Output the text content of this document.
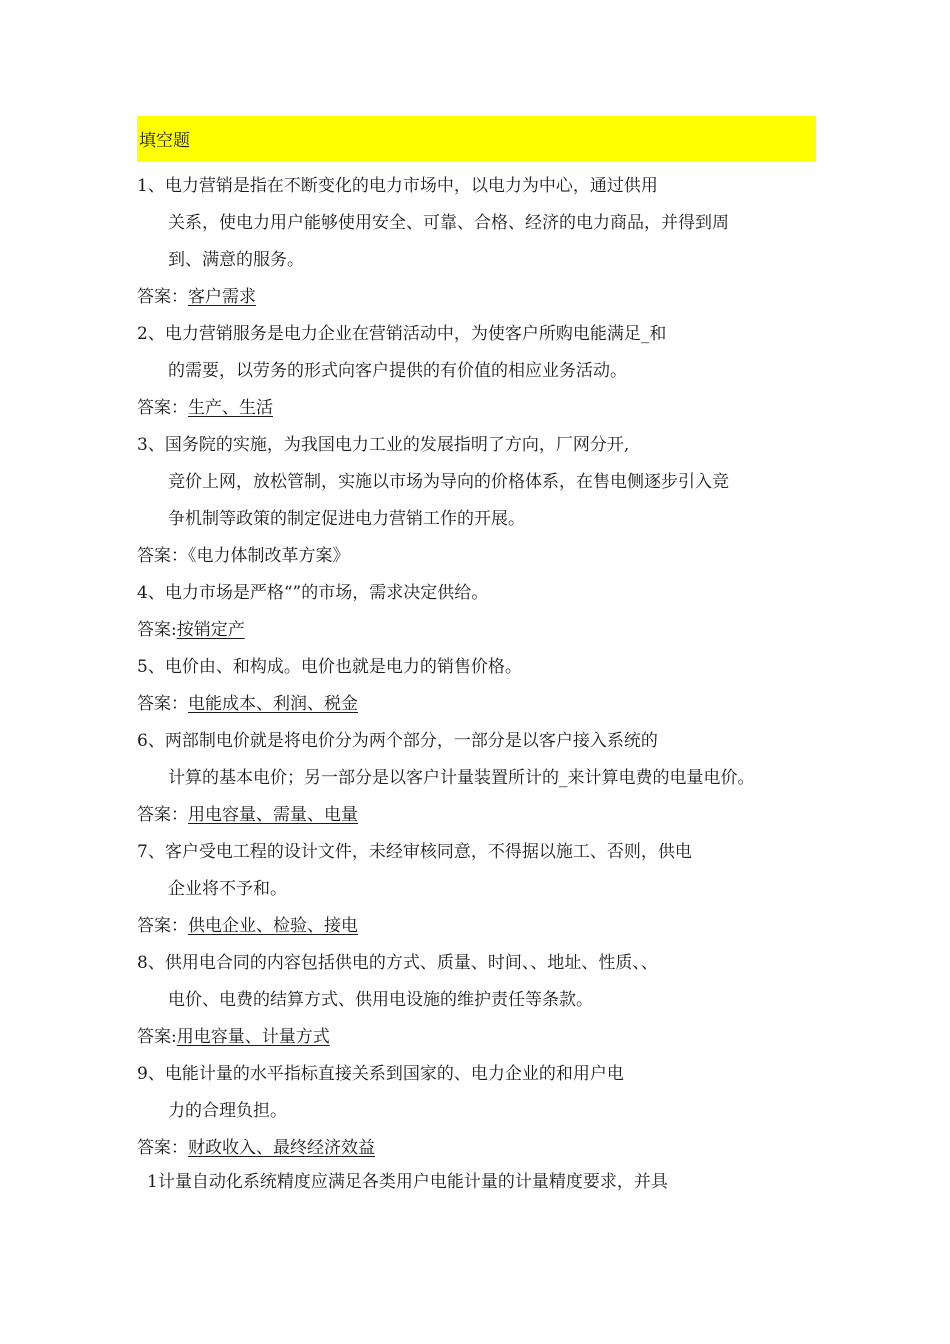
填空题
1、电力营销是指在不断变化的电力市场中，以电力为中心，通过供用
关系，使电力用户能够使用安全、可靠、合格、经济的电力商品，并得到周
到、满意的服务。
答案：客户需求
2、电力营销服务是电力企业在营销活动中，为使客户所购电能满足_和
的需要，以劳务的形式向客户提供的有价值的相应业务活动。
答案：生产、生活
3、国务院的实施，为我国电力工业的发展指明了方向，厂网分开,
竞价上网，放松管制，实施以市场为导向的价格体系，在售电侧逐步引入竞
争机制等政策的制定促进电力营销工作的开展。
答案：《电力体制改革方案》
4、电力市场是严格“”的市场，需求决定供给。
答案:按销定产
5、电价由、和构成。电价也就是电力的销售价格。
答案：电能成本、利润、税金
6、两部制电价就是将电价分为两个部分，一部分是以客户接入系统的
计算的基本电价；另一部分是以客户计量装置所计的_来计算电费的电量电价。
答案：用电容量、需量、电量
7、客户受电工程的设计文件，未经审核同意，不得据以施工、否则，供电
企业将不予和。
答案：供电企业、检验、接电
8、供用电合同的内容包括供电的方式、质量、时间、、地址、性质、、
电价、电费的结算方式、供用电设施的维护责任等条款。
答案:用电容量、计量方式
9、电能计量的水平指标直接关系到国家的、电力企业的和用户电
力的合理负担。
答案：财政收入、最终经济效益
1计量自动化系统精度应满足各类用户电能计量的计量精度要求，并具
